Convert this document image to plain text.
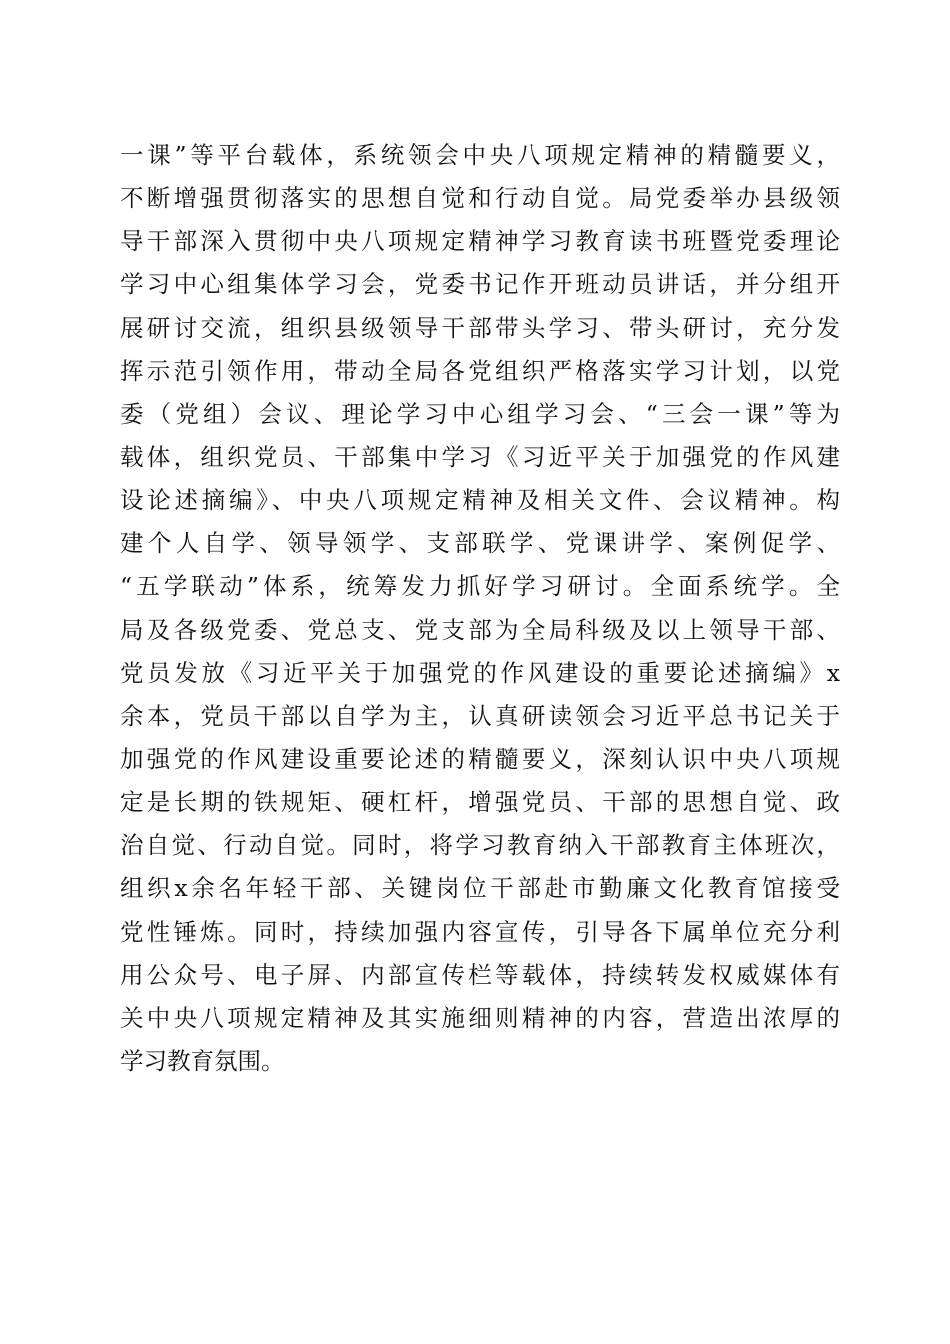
一课”等平台载体，系统领会中央八项规定精神的精髓要义，
不断增强贯彻落实的思想自觉和行动自觉。局党委举办县级领
导干部深入贯彻中央八项规定精神学习教育读书班暨党委理论
学习中心组集体学习会，党委书记作开班动员讲话，并分组开
展研讨交流，组织县级领导干部带头学习、带头研讨，充分发
挥示范引领作用，带动全局各党组织严格落实学习计划，以党
委（党组）会议、理论学习中心组学习会、“三会一课”等为
载体，组织党员、干部集中学习《习近平关于加强党的作风建
设论述摘编》、中央八项规定精神及相关文件、会议精神。构
建个人自学、领导领学、支部联学、党课讲学、案例促学、
“五学联动”体系，统筹发力抓好学习研讨。全面系统学。全
局及各级党委、党总支、党支部为全局科级及以上领导干部、
党员发放《习近平关于加强党的作风建设的重要论述摘编》x
余本，党员干部以自学为主，认真研读领会习近平总书记关于
加强党的作风建设重要论述的精髓要义，深刻认识中央八项规
定是长期的铁规矩、硬杠杆，增强党员、干部的思想自觉、政
治自觉、行动自觉。同时，将学习教育纳入干部教育主体班次，
组织x余名年轻干部、关键岗位干部赴市勤廉文化教育馆接受
党性锤炼。同时，持续加强内容宣传，引导各下属单位充分利
用公众号、电子屏、内部宣传栏等载体，持续转发权威媒体有
关中央八项规定精神及其实施细则精神的内容，营造出浓厚的
学习教育氛围。
